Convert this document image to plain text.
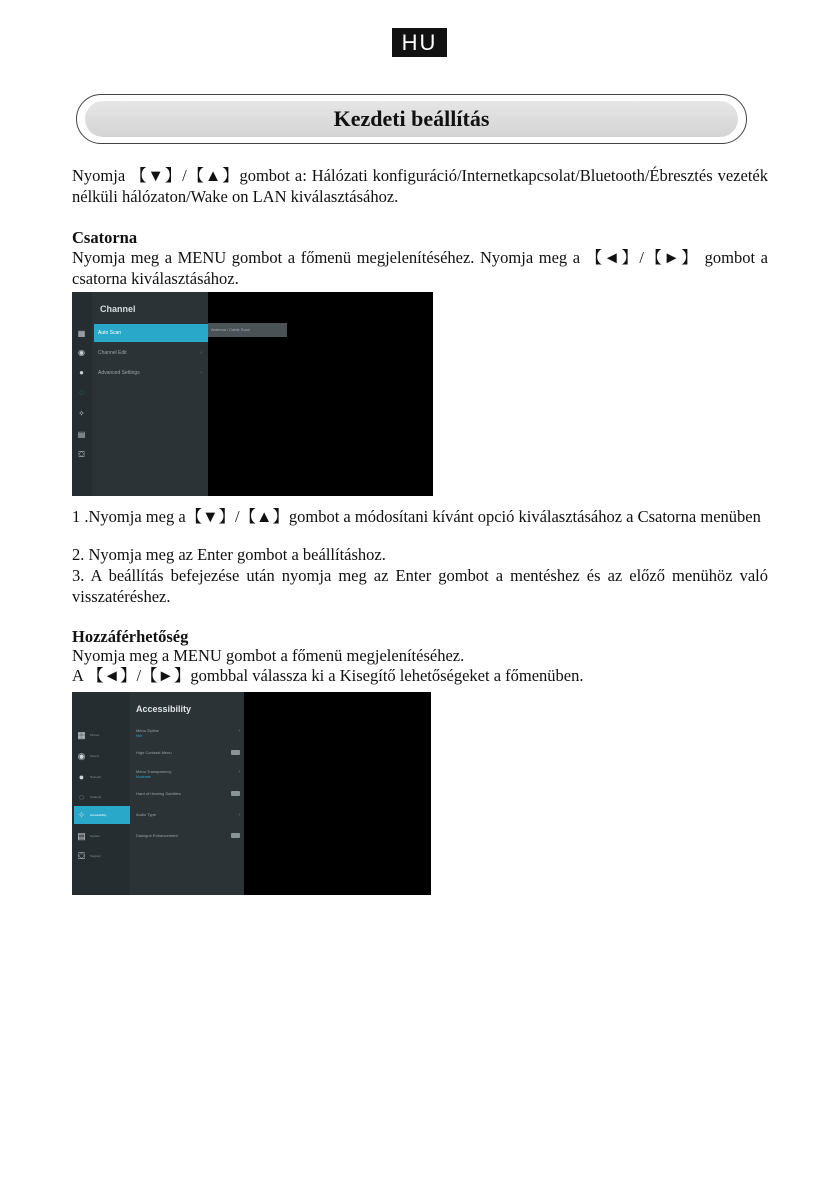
HU
Kezdeti beállítás

Nyomja 【▼】/【▲】gombot a: Hálózati konfiguráció/Internetkapcsolat/Bluetooth/Ébresztés vezeték nélküli hálózaton/Wake on LAN kiválasztásához.

Csatorna

Nyomja meg a MENU gombot a főmenü megjelenítéséhez. Nyomja meg a 【◄】/【►】 gombot a csatorna kiválasztásához.

▦
◉
●
◌
✧
▤
⛋
Channel
Auto Scan
Channel Edit	›
Advanced Settings	›
Antenna / Cable Scan

1 .Nyomja meg a【▼】/【▲】gombot a módosítani kívánt opció kiválasztásához a Csatorna menüben

2. Nyomja meg az Enter gombot a beállításhoz.

3. A beállítás befejezése után nyomja meg az Enter gombot a mentéshez és az előző menühöz való visszatéréshez.

Hozzáférhetőség

Nyomja meg a MENU gombot a főmenü megjelenítéséhez.

A 【◄】/【►】gombbal válassza ki a Kisegítő lehetőségeket a főmenüben.

▦	Picture
◉	Sound
●	Network
◌	Channel
✧	Accessibility
▤	System
⛋	Support
Accessibility
Menu Zipline
Hint
›
High Contrast Menu
Menu Transparency
Moderate
›
Hard of Hearing Subtitles
Audio Type	›
Dialogue Enhancement
